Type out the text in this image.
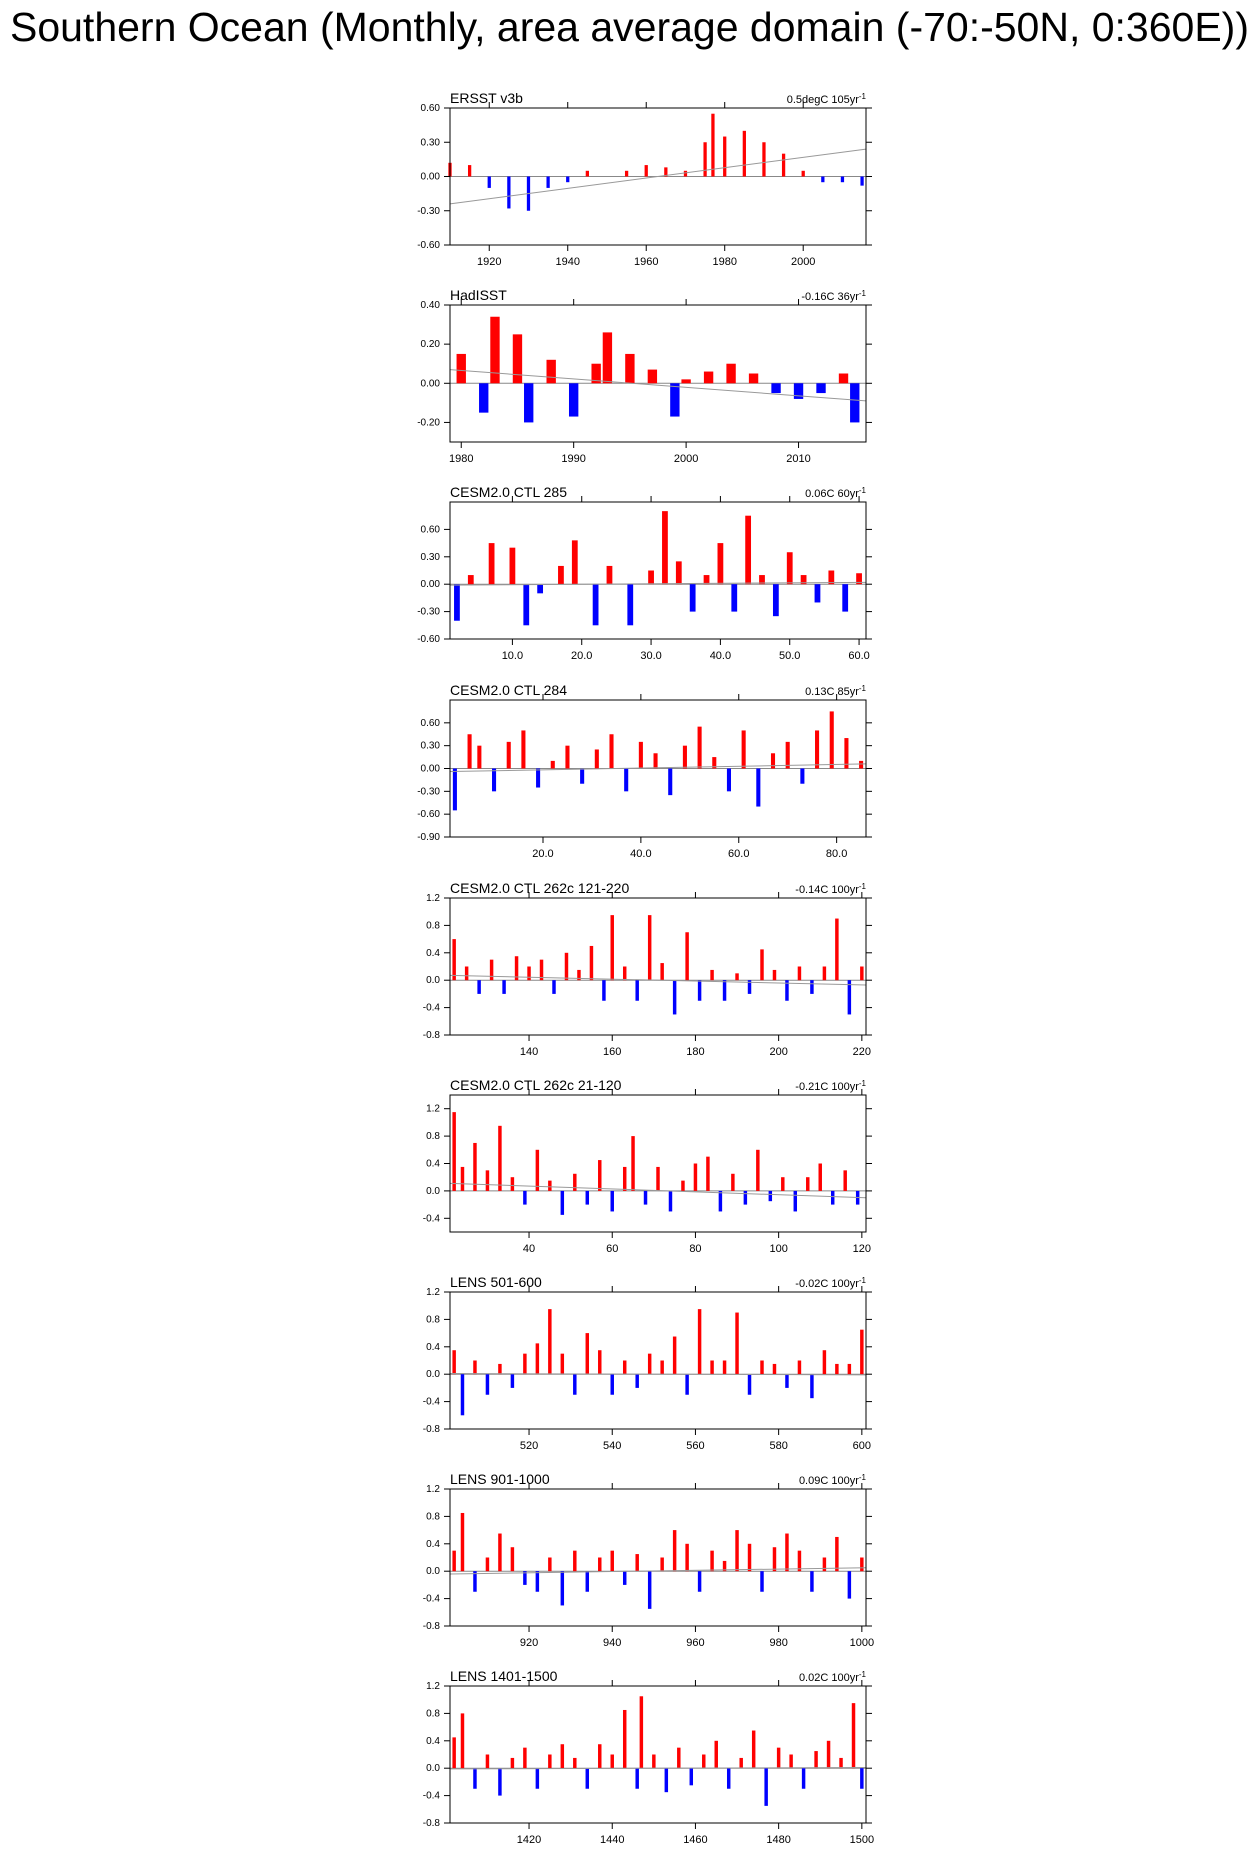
Southern Ocean (Monthly, area average domain (-70:-50N, 0:360E))
ERSST v3b	0.5degC $105yr^{-1}$
-0.60
-0.30
0.00
0.30
0.60
1920	1940	1960	1980	2000
HadISST	-0.16C $36yr^{-1}$
-0.20
0.00
0.20
0.40
1980	1990	2000	2010
CESM2.0 CTL 285	0.06C $60yr^{-1}$
-0.60
-0.30
0.00
0.30
0.60
10.0	20.0	30.0	40.0	50.0	60.0
CESM2.0 CTL 284	0.13C $85yr^{-1}$
-0.90
-0.60
-0.30
0.00
0.30
0.60
20.0	40.0	60.0	80.0
CESM2.0 CTL 262c 121-220	-0.14C $100yr^{-1}$
-0.8
-0.4
0.0
0.4
0.8
1.2
140	160	180	200	220
CESM2.0 CTL 262c 21-120	-0.21C $100yr^{-1}$
-0.4
0.0
0.4
0.8
1.2
40	60	80	100	120
LENS 501-600	-0.02C $100yr^{-1}$
-0.8
-0.4
0.0
0.4
0.8
1.2
520	540	560	580	600
LENS 901-1000	0.09C $100yr^{-1}$
-0.8
-0.4
0.0
0.4
0.8
1.2
920	940	960	980	1000
LENS 1401-1500	0.02C $100yr^{-1}$
-0.8
-0.4
0.0
0.4
0.8
1.2
1420	1440	1460	1480	1500
